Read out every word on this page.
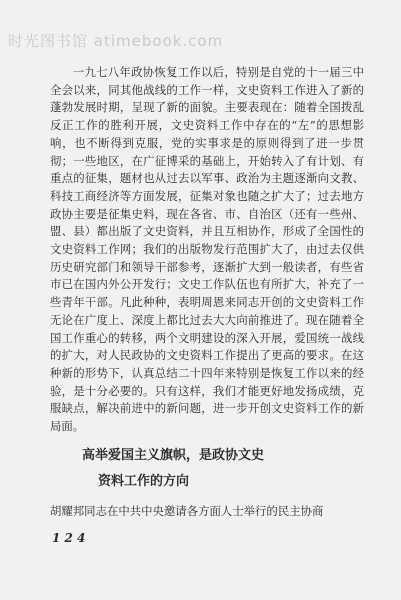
时光图书馆 atimebook.com

一九七八年政协恢复工作以后，特别是自党的十一届三中全会以来，同其他战线的工作一样，文史资料工作进入了新的蓬勃发展时期，呈现了新的面貌。主要表现在：随着全国拨乱反正工作的胜利开展，文史资料工作中存在的“左”的思想影响，也不断得到克服，党的实事求是的原则得到了进一步贯彻；一些地区，在广征博采的基础上，开始转入了有计划、有重点的征集，题材也从过去以军事、政治为主题逐渐向文教、科技工商经济等方面发展，征集对象也随之扩大了；过去地方政协主要是征集史料，现在各省、市、自治区（还有一些州、盟、县）都出版了文史资料，并且互相协作，形成了全国性的文史资料工作网；我们的出版物发行范围扩大了，由过去仅供历史研究部门和领导干部参考，逐渐扩大到一般读者，有些省市已在国内外公开发行；文史工作队伍也有所扩大，补充了一些青年干部。凡此种种，表明周恩来同志开创的文史资料工作无论在广度上、深度上都比过去大大向前推进了。现在随着全国工作重心的转移，两个文明建设的深入开展，爱国统一战线的扩大，对人民政协的文史资料工作提出了更高的要求。在这种新的形势下，认真总结二十四年来特别是恢复工作以来的经验，是十分必要的。只有这样，我们才能更好地发扬成绩，克服缺点，解决前进中的新问题，进一步开创文史资料工作的新局面。

高举爱国主义旗帜，是政协文史

资料工作的方向

胡耀邦同志在中共中央邀请各方面人士举行的民主协商

1 2 4
